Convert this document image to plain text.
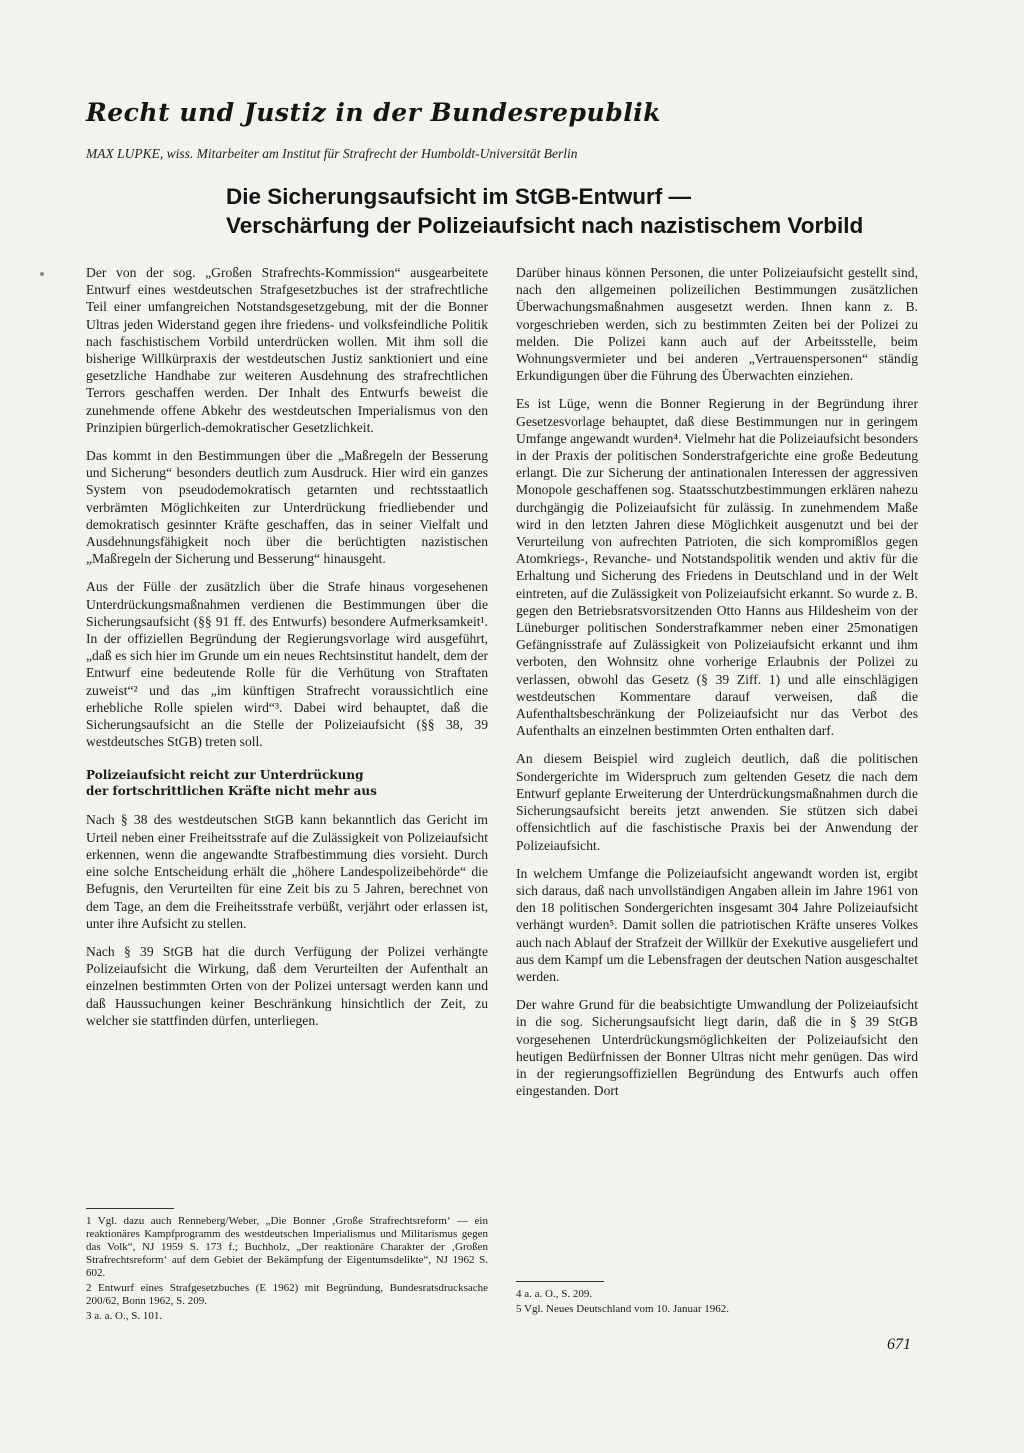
Recht und Justiz in der Bundesrepublik
MAX LUPKE, wiss. Mitarbeiter am Institut für Strafrecht der Humboldt-Universität Berlin
Die Sicherungsaufsicht im StGB-Entwurf —
Verschärfung der Polizeiaufsicht nach nazistischem Vorbild

Der von der sog. „Großen Strafrechts-Kommission“ ausgearbeitete Entwurf eines westdeutschen Strafgesetzbuches ist der strafrechtliche Teil einer umfangreichen Notstandsgesetzgebung, mit der die Bonner Ultras jeden Widerstand gegen ihre friedens- und volksfeindliche Politik nach faschistischem Vorbild unterdrücken wollen. Mit ihm soll die bisherige Willkürpraxis der westdeutschen Justiz sanktioniert und eine gesetzliche Handhabe zur weiteren Ausdehnung des strafrechtlichen Terrors geschaffen werden. Der Inhalt des Entwurfs beweist die zunehmende offene Abkehr des westdeutschen Imperialismus von den Prinzipien bürgerlich-demokratischer Gesetzlichkeit.

Das kommt in den Bestimmungen über die „Maßregeln der Besserung und Sicherung“ besonders deutlich zum Ausdruck. Hier wird ein ganzes System von pseudodemokratisch getarnten und rechtsstaatlich verbrämten Möglichkeiten zur Unterdrückung friedliebender und demokratisch gesinnter Kräfte geschaffen, das in seiner Vielfalt und Ausdehnungsfähigkeit noch über die berüchtigten nazistischen „Maßregeln der Sicherung und Besserung“ hinausgeht.

Aus der Fülle der zusätzlich über die Strafe hinaus vorgesehenen Unterdrückungsmaßnahmen verdienen die Bestimmungen über die Sicherungsaufsicht (§§ 91 ff. des Entwurfs) besondere Aufmerksamkeit¹. In der offiziellen Begründung der Regierungsvorlage wird ausgeführt, „daß es sich hier im Grunde um ein neues Rechtsinstitut handelt, dem der Entwurf eine bedeutende Rolle für die Verhütung von Straftaten zuweist“² und das „im künftigen Strafrecht voraussichtlich eine erhebliche Rolle spielen wird“³. Dabei wird behauptet, daß die Sicherungsaufsicht an die Stelle der Polizeiaufsicht (§§ 38, 39 westdeutsches StGB) treten soll.

Polizeiaufsicht reicht zur Unterdrückung
der fortschrittlichen Kräfte nicht mehr aus

Nach § 38 des westdeutschen StGB kann bekanntlich das Gericht im Urteil neben einer Freiheitsstrafe auf die Zulässigkeit von Polizeiaufsicht erkennen, wenn die angewandte Strafbestimmung dies vorsieht. Durch eine solche Entscheidung erhält die „höhere Landespolizeibehörde“ die Befugnis, den Verurteilten für eine Zeit bis zu 5 Jahren, berechnet von dem Tage, an dem die Freiheitsstrafe verbüßt, verjährt oder erlassen ist, unter ihre Aufsicht zu stellen.

Nach § 39 StGB hat die durch Verfügung der Polizei verhängte Polizeiaufsicht die Wirkung, daß dem Verurteilten der Aufenthalt an einzelnen bestimmten Orten von der Polizei untersagt werden kann und daß Haussuchungen keiner Beschränkung hinsichtlich der Zeit, zu welcher sie stattfinden dürfen, unterliegen.

Darüber hinaus können Personen, die unter Polizeiaufsicht gestellt sind, nach den allgemeinen polizeilichen Bestimmungen zusätzlichen Überwachungsmaßnahmen ausgesetzt werden. Ihnen kann z. B. vorgeschrieben werden, sich zu bestimmten Zeiten bei der Polizei zu melden. Die Polizei kann auch auf der Arbeitsstelle, beim Wohnungsvermieter und bei anderen „Vertrauenspersonen“ ständig Erkundigungen über die Führung des Überwachten einziehen.

Es ist Lüge, wenn die Bonner Regierung in der Begründung ihrer Gesetzesvorlage behauptet, daß diese Bestimmungen nur in geringem Umfange angewandt wurden⁴. Vielmehr hat die Polizeiaufsicht besonders in der Praxis der politischen Sonderstrafgerichte eine große Bedeutung erlangt. Die zur Sicherung der antinationalen Interessen der aggressiven Monopole geschaffenen sog. Staatsschutzbestimmungen erklären nahezu durchgängig die Polizeiaufsicht für zulässig. In zunehmendem Maße wird in den letzten Jahren diese Möglichkeit ausgenutzt und bei der Verurteilung von aufrechten Patrioten, die sich kompromißlos gegen Atomkriegs-, Revanche- und Notstandspolitik wenden und aktiv für die Erhaltung und Sicherung des Friedens in Deutschland und in der Welt eintreten, auf die Zulässigkeit von Polizeiaufsicht erkannt. So wurde z. B. gegen den Betriebsratsvorsitzenden Otto Hanns aus Hildesheim von der Lüneburger politischen Sonderstrafkammer neben einer 25monatigen Gefängnisstrafe auf Zulässigkeit von Polizeiaufsicht erkannt und ihm verboten, den Wohnsitz ohne vorherige Erlaubnis der Polizei zu verlassen, obwohl das Gesetz (§ 39 Ziff. 1) und alle einschlägigen westdeutschen Kommentare darauf verweisen, daß die Aufenthaltsbeschränkung der Polizeiaufsicht nur das Verbot des Aufenthalts an einzelnen bestimmten Orten enthalten darf.

An diesem Beispiel wird zugleich deutlich, daß die politischen Sondergerichte im Widerspruch zum geltenden Gesetz die nach dem Entwurf geplante Erweiterung der Unterdrückungsmaßnahmen durch die Sicherungsaufsicht bereits jetzt anwenden. Sie stützen sich dabei offensichtlich auf die faschistische Praxis bei der Anwendung der Polizeiaufsicht.

In welchem Umfange die Polizeiaufsicht angewandt worden ist, ergibt sich daraus, daß nach unvollständigen Angaben allein im Jahre 1961 von den 18 politischen Sondergerichten insgesamt 304 Jahre Polizeiaufsicht verhängt wurden⁵. Damit sollen die patriotischen Kräfte unseres Volkes auch nach Ablauf der Strafzeit der Willkür der Exekutive ausgeliefert und aus dem Kampf um die Lebensfragen der deutschen Nation ausgeschaltet werden.

Der wahre Grund für die beabsichtigte Umwandlung der Polizeiaufsicht in die sog. Sicherungsaufsicht liegt darin, daß die in § 39 StGB vorgesehenen Unterdrückungsmöglichkeiten der Polizeiaufsicht den heutigen Bedürfnissen der Bonner Ultras nicht mehr genügen. Das wird in der regierungsoffiziellen Begründung des Entwurfs auch offen eingestanden. Dort

1 Vgl. dazu auch Renneberg/Weber, „Die Bonner ‚Große Strafrechtsreform‘ — ein reaktionäres Kampfprogramm des westdeutschen Imperialismus und Militarismus gegen das Volk“, NJ 1959 S. 173 f.; Buchholz, „Der reaktionäre Charakter der ‚Großen Strafrechtsreform‘ auf dem Gebiet der Bekämpfung der Eigentumsdelikte“, NJ 1962 S. 602.
2 Entwurf eines Strafgesetzbuches (E 1962) mit Begründung, Bundesratsdrucksache 200/62, Bonn 1962, S. 209.
3 a. a. O., S. 101.
4 a. a. O., S. 209.
5 Vgl. Neues Deutschland vom 10. Januar 1962.
671
